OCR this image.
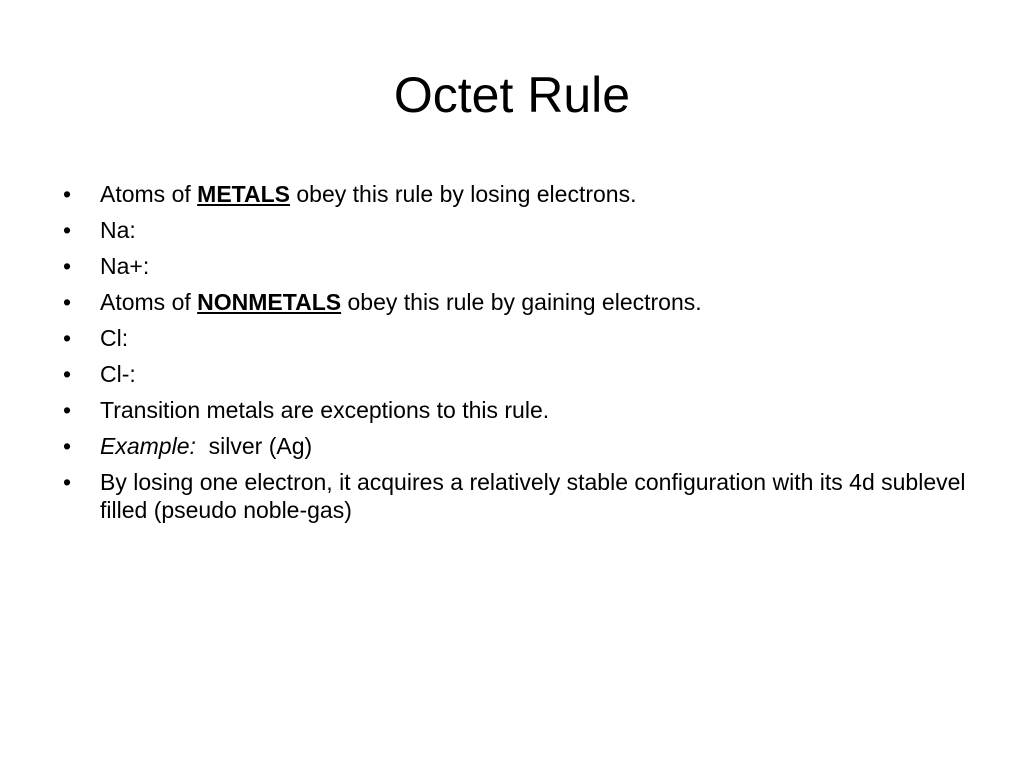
Octet Rule
• Atoms of METALS obey this rule by losing electrons.
• Na:
• Na+:
• Atoms of NONMETALS obey this rule by gaining electrons.
• Cl:
• Cl-:
• Transition metals are exceptions to this rule.
• Example:  silver (Ag)
• By losing one electron, it acquires a relatively stable configuration with its 4d sublevel filled (pseudo noble-gas)
